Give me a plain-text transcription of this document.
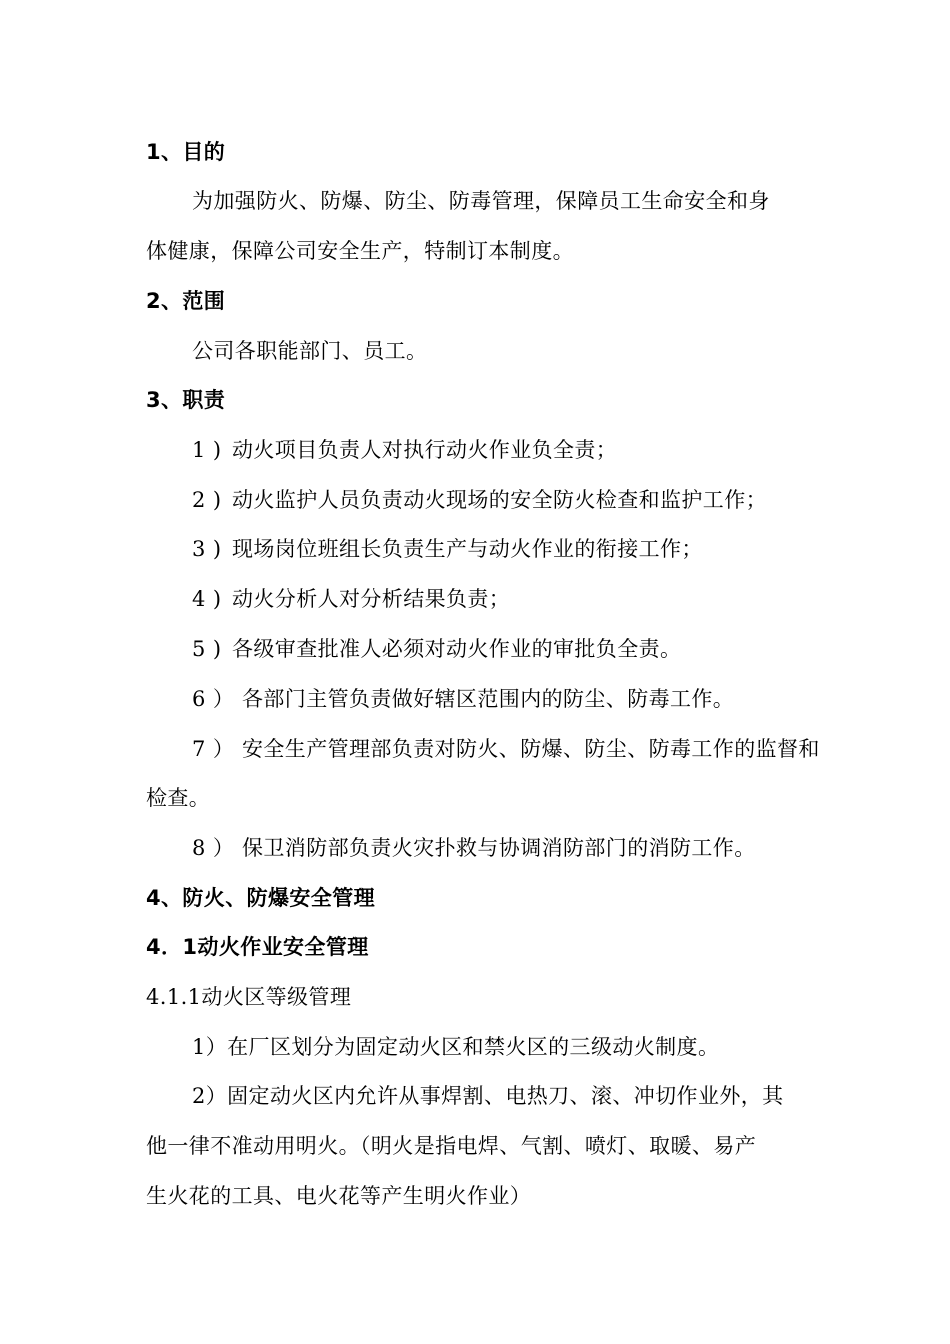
1、目的
为加强防火、防爆、防尘、防毒管理，保障员工生命安全和身
体健康，保障公司安全生产，特制订本制度。
2、范围
公司各职能部门、员工。
3、职责
1 ) 动火项目负责人对执行动火作业负全责；
2 ) 动火监护人员负责动火现场的安全防火检查和监护工作；
3 ) 现场岗位班组长负责生产与动火作业的衔接工作；
4 ) 动火分析人对分析结果负责；
5 ) 各级审查批准人必须对动火作业的审批负全责。
6 ） 各部门主管负责做好辖区范围内的防尘、防毒工作。
7 ） 安全生产管理部负责对防火、防爆、防尘、防毒工作的监督和
检查。
8 ） 保卫消防部负责火灾扑救与协调消防部门的消防工作。
4、防火、防爆安全管理
4．1动火作业安全管理
4.1.1动火区等级管理
1）在厂区划分为固定动火区和禁火区的三级动火制度。
2）固定动火区内允许从事焊割、电热刀、滚、冲切作业外，其
他一律不准动用明火。（明火是指电焊、气割、喷灯、取暖、易产
生火花的工具、电火花等产生明火作业）
